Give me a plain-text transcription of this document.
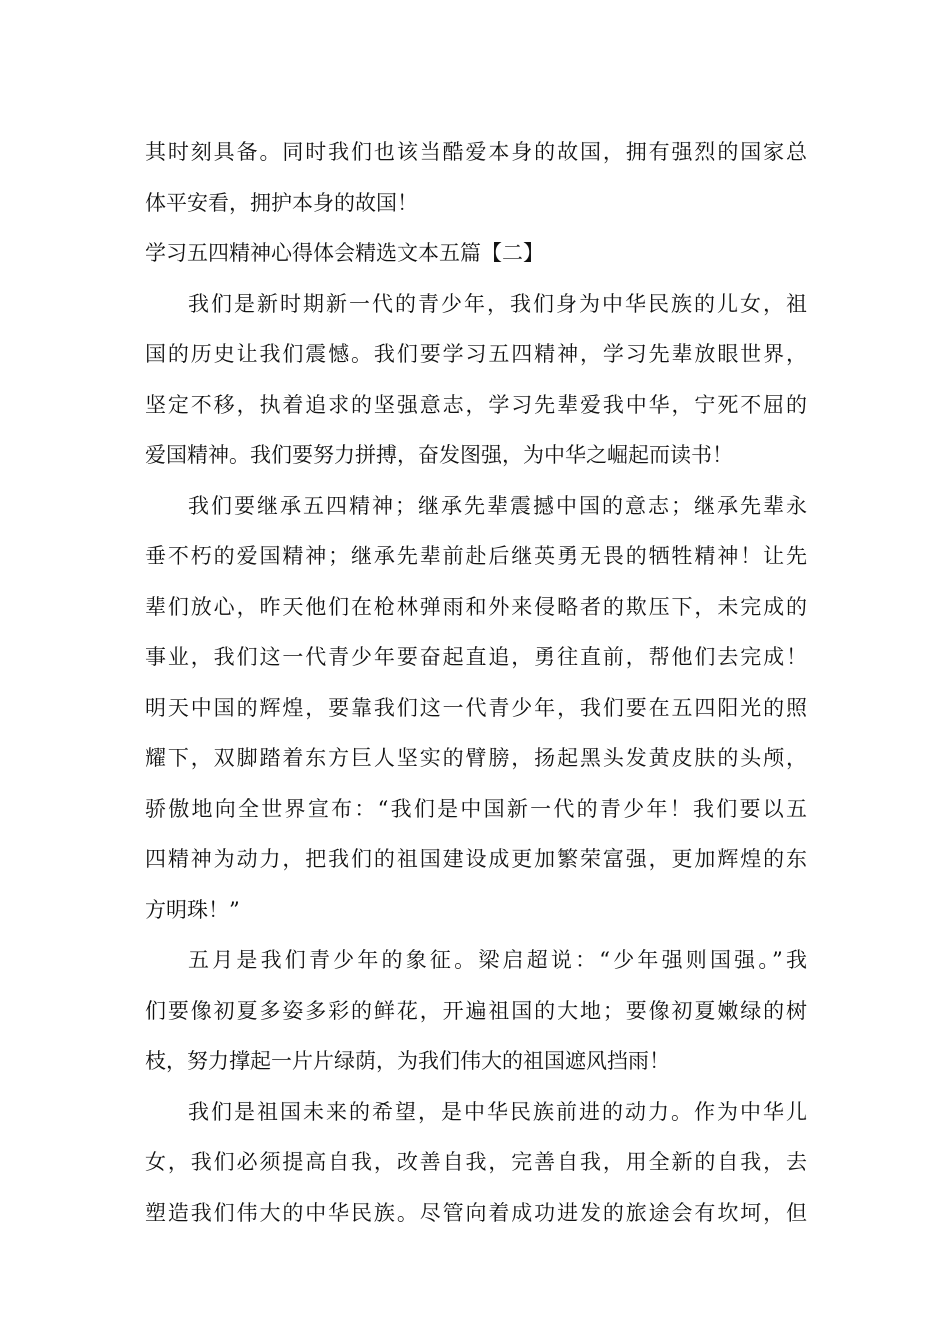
其时刻具备。同时我们也该当酷爱本身的故国，拥有强烈的国家总
体平安看，拥护本身的故国！
学习五四精神心得体会精选文本五篇【二】
我们是新时期新一代的青少年，我们身为中华民族的儿女，祖
国的历史让我们震憾。我们要学习五四精神，学习先辈放眼世界，
坚定不移，执着追求的坚强意志，学习先辈爱我中华，宁死不屈的
爱国精神。我们要努力拼搏，奋发图强，为中华之崛起而读书！
我们要继承五四精神；继承先辈震撼中国的意志；继承先辈永
垂不朽的爱国精神；继承先辈前赴后继英勇无畏的牺牲精神！让先
辈们放心，昨天他们在枪林弹雨和外来侵略者的欺压下，未完成的
事业，我们这一代青少年要奋起直追，勇往直前，帮他们去完成！
明天中国的辉煌，要靠我们这一代青少年，我们要在五四阳光的照
耀下，双脚踏着东方巨人坚实的臂膀，扬起黑头发黄皮肤的头颅，
骄傲地向全世界宣布：“我们是中国新一代的青少年！我们要以五
四精神为动力，把我们的祖国建设成更加繁荣富强，更加辉煌的东
方明珠！”
五月是我们青少年的象征。梁启超说：“少年强则国强。”我
们要像初夏多姿多彩的鲜花，开遍祖国的大地；要像初夏嫩绿的树
枝，努力撑起一片片绿荫，为我们伟大的祖国遮风挡雨！
我们是祖国未来的希望，是中华民族前进的动力。作为中华儿
女，我们必须提高自我，改善自我，完善自我，用全新的自我，去
塑造我们伟大的中华民族。尽管向着成功进发的旅途会有坎坷，但
